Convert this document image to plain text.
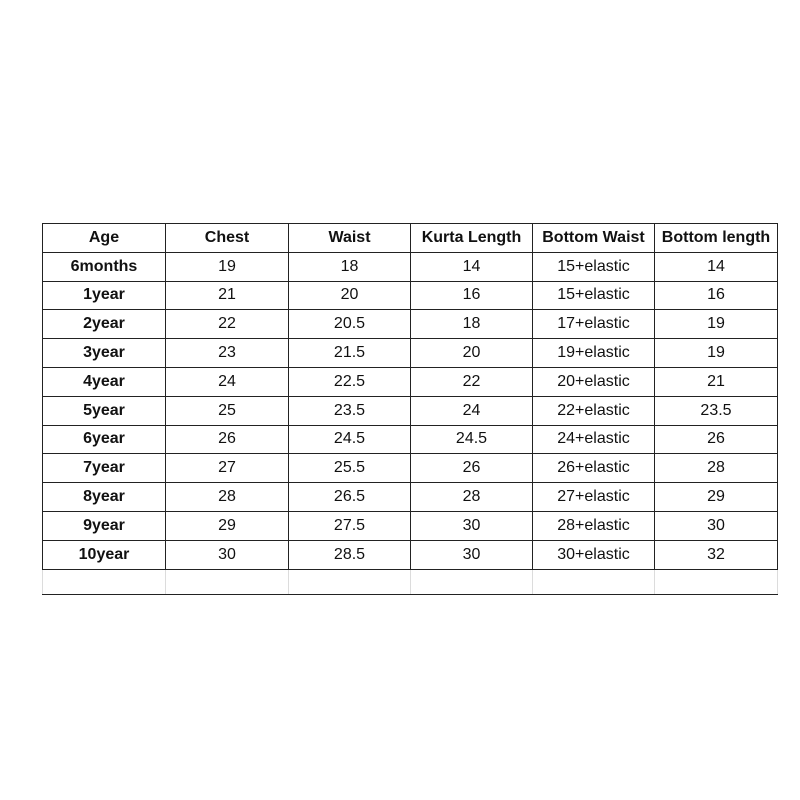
Age	Chest	Waist	Kurta Length	Bottom Waist	Bottom length
6months	19	18	14	15+elastic	14
1year	21	20	16	15+elastic	16
2year	22	20.5	18	17+elastic	19
3year	23	21.5	20	19+elastic	19
4year	24	22.5	22	20+elastic	21
5year	25	23.5	24	22+elastic	23.5
6year	26	24.5	24.5	24+elastic	26
7year	27	25.5	26	26+elastic	28
8year	28	26.5	28	27+elastic	29
9year	29	27.5	30	28+elastic	30
10year	30	28.5	30	30+elastic	32
